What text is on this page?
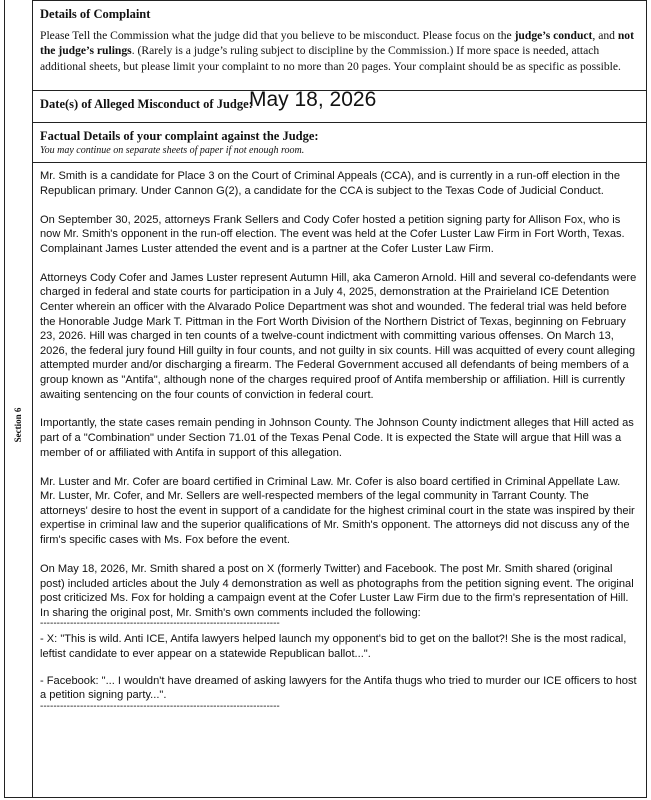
Section 6
Details of Complaint
Please Tell the Commission what the judge did that you believe to be misconduct. Please focus on the judge’s conduct, and not the judge’s rulings. (Rarely is a judge’s ruling subject to discipline by the Commission.) If more space is needed, attach additional sheets, but please limit your complaint to no more than 20 pages. Your complaint should be as specific as possible.
Date(s) of Alleged Misconduct of Judge:
May 18, 2026
Factual Details of your complaint against the Judge:
You may continue on separate sheets of paper if not enough room.

Mr. Smith is a candidate for Place 3 on the Court of Criminal Appeals (CCA), and is currently in a run-off election in the Republican primary. Under Cannon G(2), a candidate for the CCA is subject to the Texas Code of Judicial Conduct.

On September 30, 2025, attorneys Frank Sellers and Cody Cofer hosted a petition signing party for Allison Fox, who is now Mr. Smith's opponent in the run-off election. The event was held at the Cofer Luster Law Firm in Fort Worth, Texas. Complainant James Luster attended the event and is a partner at the Cofer Luster Law Firm.

Attorneys Cody Cofer and James Luster represent Autumn Hill, aka Cameron Arnold. Hill and several co-defendants were charged in federal and state courts for participation in a July 4, 2025, demonstration at the Prairieland ICE Detention Center wherein an officer with the Alvarado Police Department was shot and wounded. The federal trial was held before the Honorable Judge Mark T. Pittman in the Fort Worth Division of the Northern District of Texas, beginning on February 23, 2026. Hill was charged in ten counts of a twelve-count indictment with committing various offenses. On March 13, 2026, the federal jury found Hill guilty in four counts, and not guilty in six counts. Hill was acquitted of every count alleging attempted murder and/or discharging a firearm. The Federal Government accused all defendants of being members of a group known as "Antifa", although none of the charges required proof of Antifa membership or affiliation. Hill is currently awaiting sentencing on the four counts of conviction in federal court.

Importantly, the state cases remain pending in Johnson County. The Johnson County indictment alleges that Hill acted as part of a "Combination" under Section 71.01 of the Texas Penal Code. It is expected the State will argue that Hill was a member of or affiliated with Antifa in support of this allegation.

Mr. Luster and Mr. Cofer are board certified in Criminal Law. Mr. Cofer is also board certified in Criminal Appellate Law. Mr. Luster, Mr. Cofer, and Mr. Sellers are well-respected members of the legal community in Tarrant County. The attorneys' desire to host the event in support of a candidate for the highest criminal court in the state was inspired by their expertise in criminal law and the superior qualifications of Mr. Smith's opponent. The attorneys did not discuss any of the firm's specific cases with Ms. Fox before the event.

On May 18, 2026, Mr. Smith shared a post on X (formerly Twitter) and Facebook. The post Mr. Smith shared (original post) included articles about the July 4 demonstration as well as photographs from the petition signing event. The original post criticized Ms. Fox for holding a campaign event at the Cofer Luster Law Firm due to the firm's representation of Hill. In sharing the original post, Mr. Smith's own comments included the following:

------------------------------------------------------------------------

- X: "This is wild. Anti ICE, Antifa lawyers helped launch my opponent's bid to get on the ballot?! She is the most radical, leftist candidate to ever appear on a statewide Republican ballot...".

- Facebook: "... I wouldn't have dreamed of asking lawyers for the Antifa thugs who tried to murder our ICE officers to host a petition signing party...".

------------------------------------------------------------------------
